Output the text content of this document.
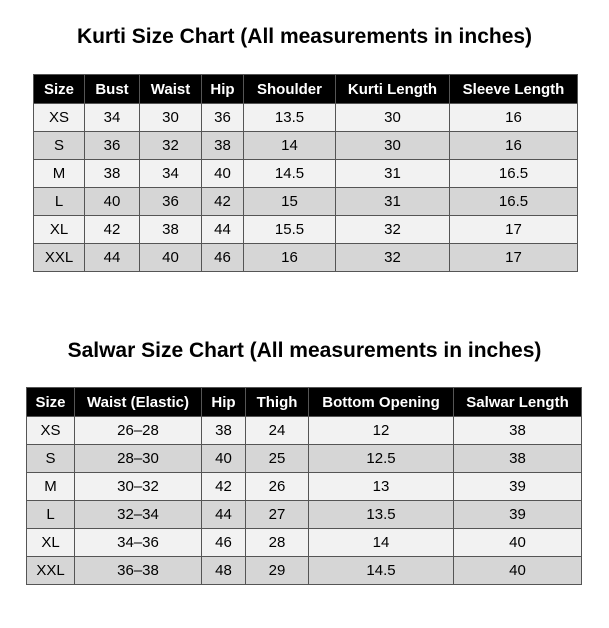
Kurti Size Chart (All measurements in inches)
Size	Bust	Waist	Hip	Shoulder	Kurti Length	Sleeve Length
XS	34	30	36	13.5	30	16
S	36	32	38	14	30	16
M	38	34	40	14.5	31	16.5
L	40	36	42	15	31	16.5
XL	42	38	44	15.5	32	17
XXL	44	40	46	16	32	17
Salwar Size Chart (All measurements in inches)
Size	Waist (Elastic)	Hip	Thigh	Bottom Opening	Salwar Length
XS	26–28	38	24	12	38
S	28–30	40	25	12.5	38
M	30–32	42	26	13	39
L	32–34	44	27	13.5	39
XL	34–36	46	28	14	40
XXL	36–38	48	29	14.5	40
